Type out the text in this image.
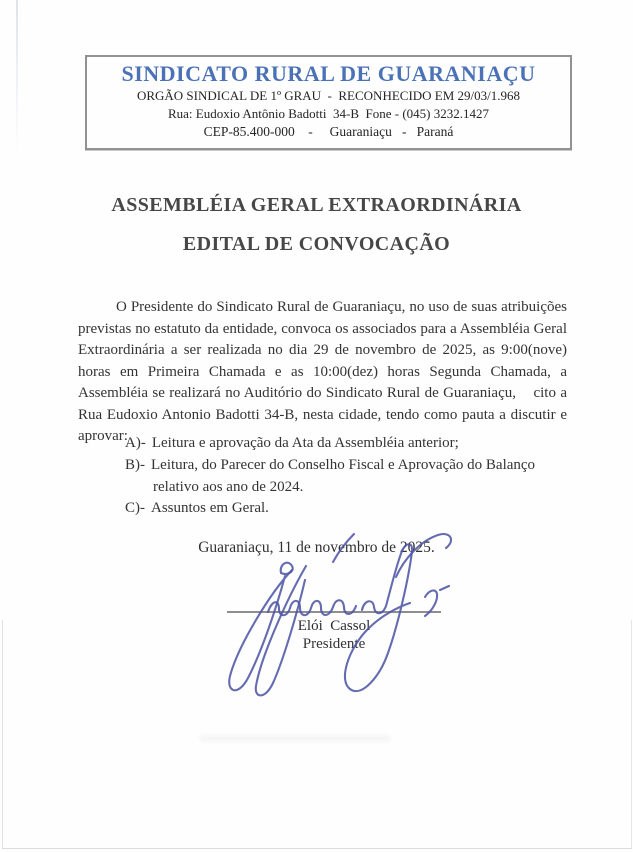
SINDICATO RURAL DE GUARANIAÇU
ORGÃO SINDICAL DE 1º GRAU  -  RECONHECIDO EM 29/03/1.968
Rua: Eudoxio Antônio Badotti  34-B  Fone - (045) 3232.1427
CEP-85.400-000    -     Guaraniaçu   -   Paraná
ASSEMBLÉIA GERAL EXTRAORDINÁRIA
EDITAL DE CONVOCAÇÃO

O Presidente do Sindicato Rural de Guaraniaçu, no uso de suas atribuições previstas no estatuto da entidade, convoca os associados para a Assembléia Geral Extraordinária a ser realizada no dia 29 de novembro de 2025, as 9:00(nove) horas em Primeira Chamada e as 10:00(dez) horas Segunda Chamada, a Assembléia se realizará no Auditório do Sindicato Rural de Guaraniaçu,    cito a Rua Eudoxio Antonio Badotti 34-B, nesta cidade, tendo como pauta a discutir e aprovar:

A)- Leitura e aprovação da Ata da Assembléia anterior;
B)- Leitura, do Parecer do Conselho Fiscal e Aprovação do Balanço relativo aos ano de 2024.
C)- Assuntos em Geral.
Guaraniaçu, 11 de novembro de 2025.
Elói  Cassol
Presidente
